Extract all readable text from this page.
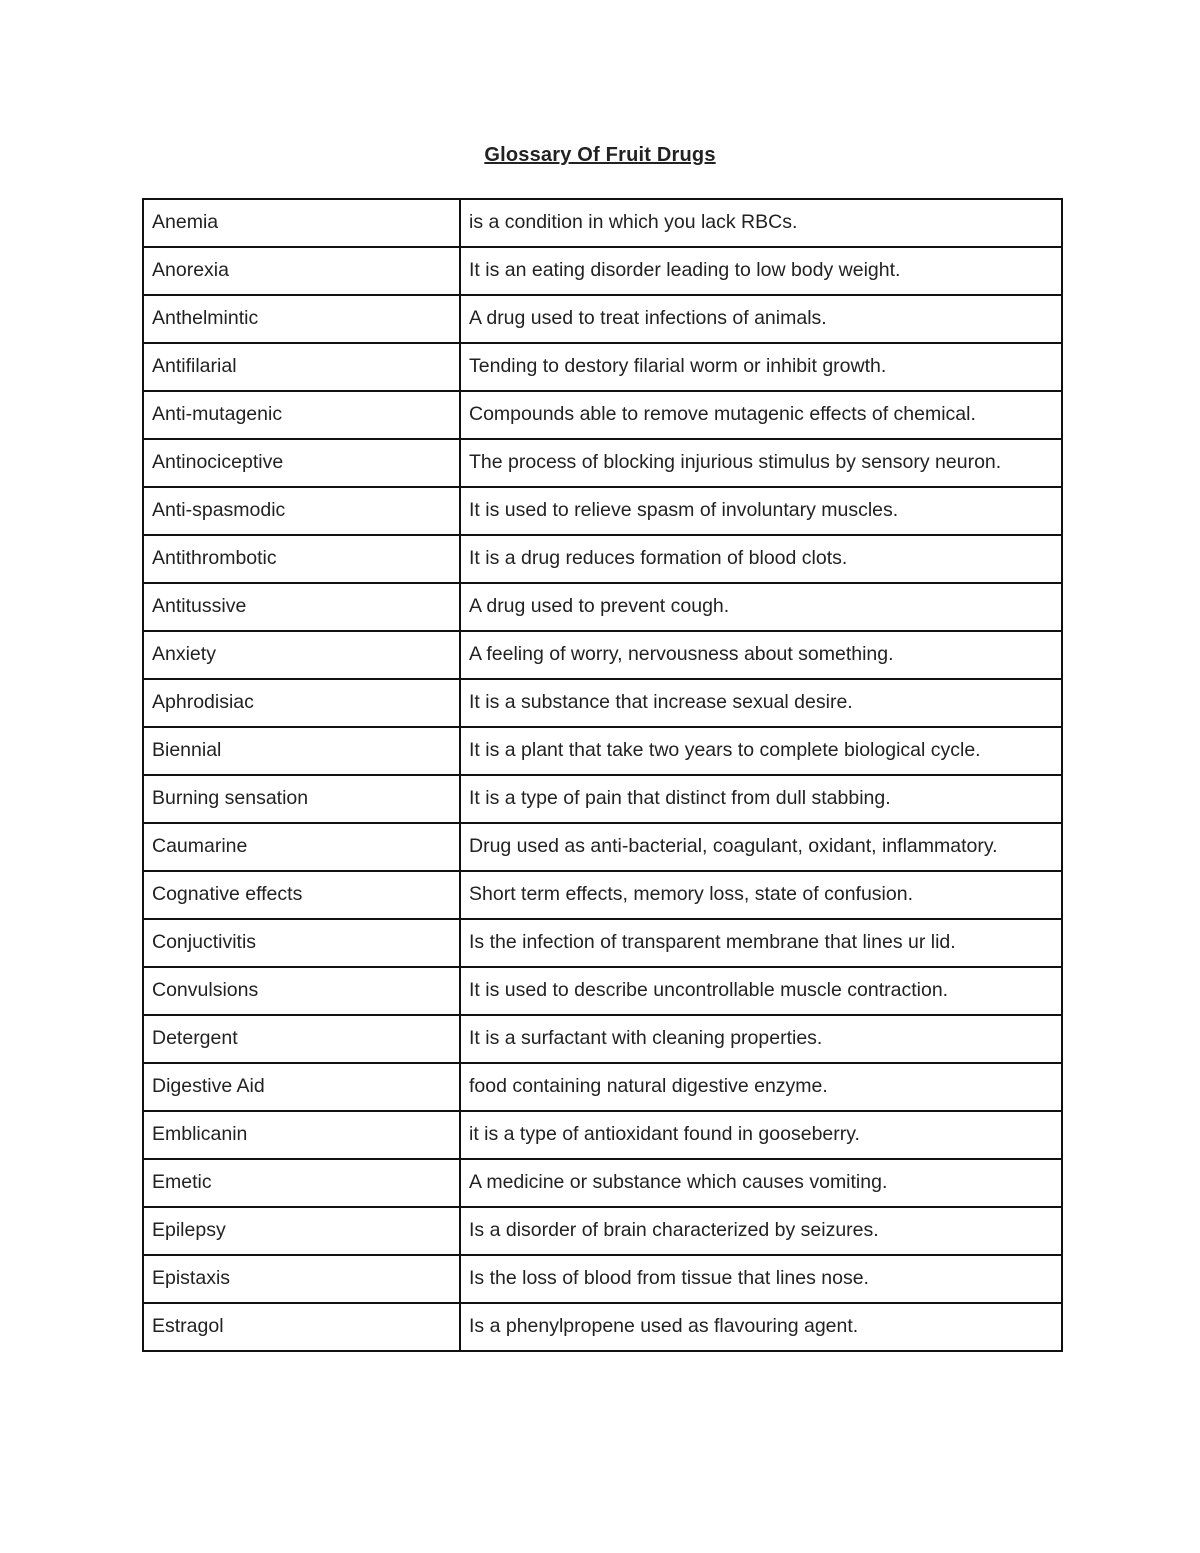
Glossary Of Fruit Drugs
Anemia	is a condition in which you lack RBCs.
Anorexia	It is an eating disorder leading to low body weight.
Anthelmintic	A drug used to treat infections of animals.
Antifilarial	Tending to destory filarial worm or inhibit growth.
Anti-mutagenic	Compounds able to remove mutagenic effects of chemical.
Antinociceptive	The process of blocking injurious stimulus by sensory neuron.
Anti-spasmodic	It is used to relieve spasm of involuntary muscles.
Antithrombotic	It is a drug reduces formation of blood clots.
Antitussive	A drug used to prevent cough.
Anxiety	A feeling of worry, nervousness about something.
Aphrodisiac	It is a substance that increase sexual desire.
Biennial	It is a plant that take two years to complete biological cycle.
Burning sensation	It is a type of pain that distinct from dull stabbing.
Caumarine	Drug used as anti-bacterial, coagulant, oxidant, inflammatory.
Cognative effects	Short term effects, memory loss, state of confusion.
Conjuctivitis	Is the infection of transparent membrane that lines ur lid.
Convulsions	It is used to describe uncontrollable muscle contraction.
Detergent	It is a surfactant with cleaning properties.
Digestive Aid	food containing natural digestive enzyme.
Emblicanin	it is a type of antioxidant found in gooseberry.
Emetic	A medicine or substance which causes vomiting.
Epilepsy	Is a disorder of brain characterized by seizures.
Epistaxis	Is the loss of blood from tissue that lines nose.
Estragol	Is a phenylpropene used as flavouring agent.
